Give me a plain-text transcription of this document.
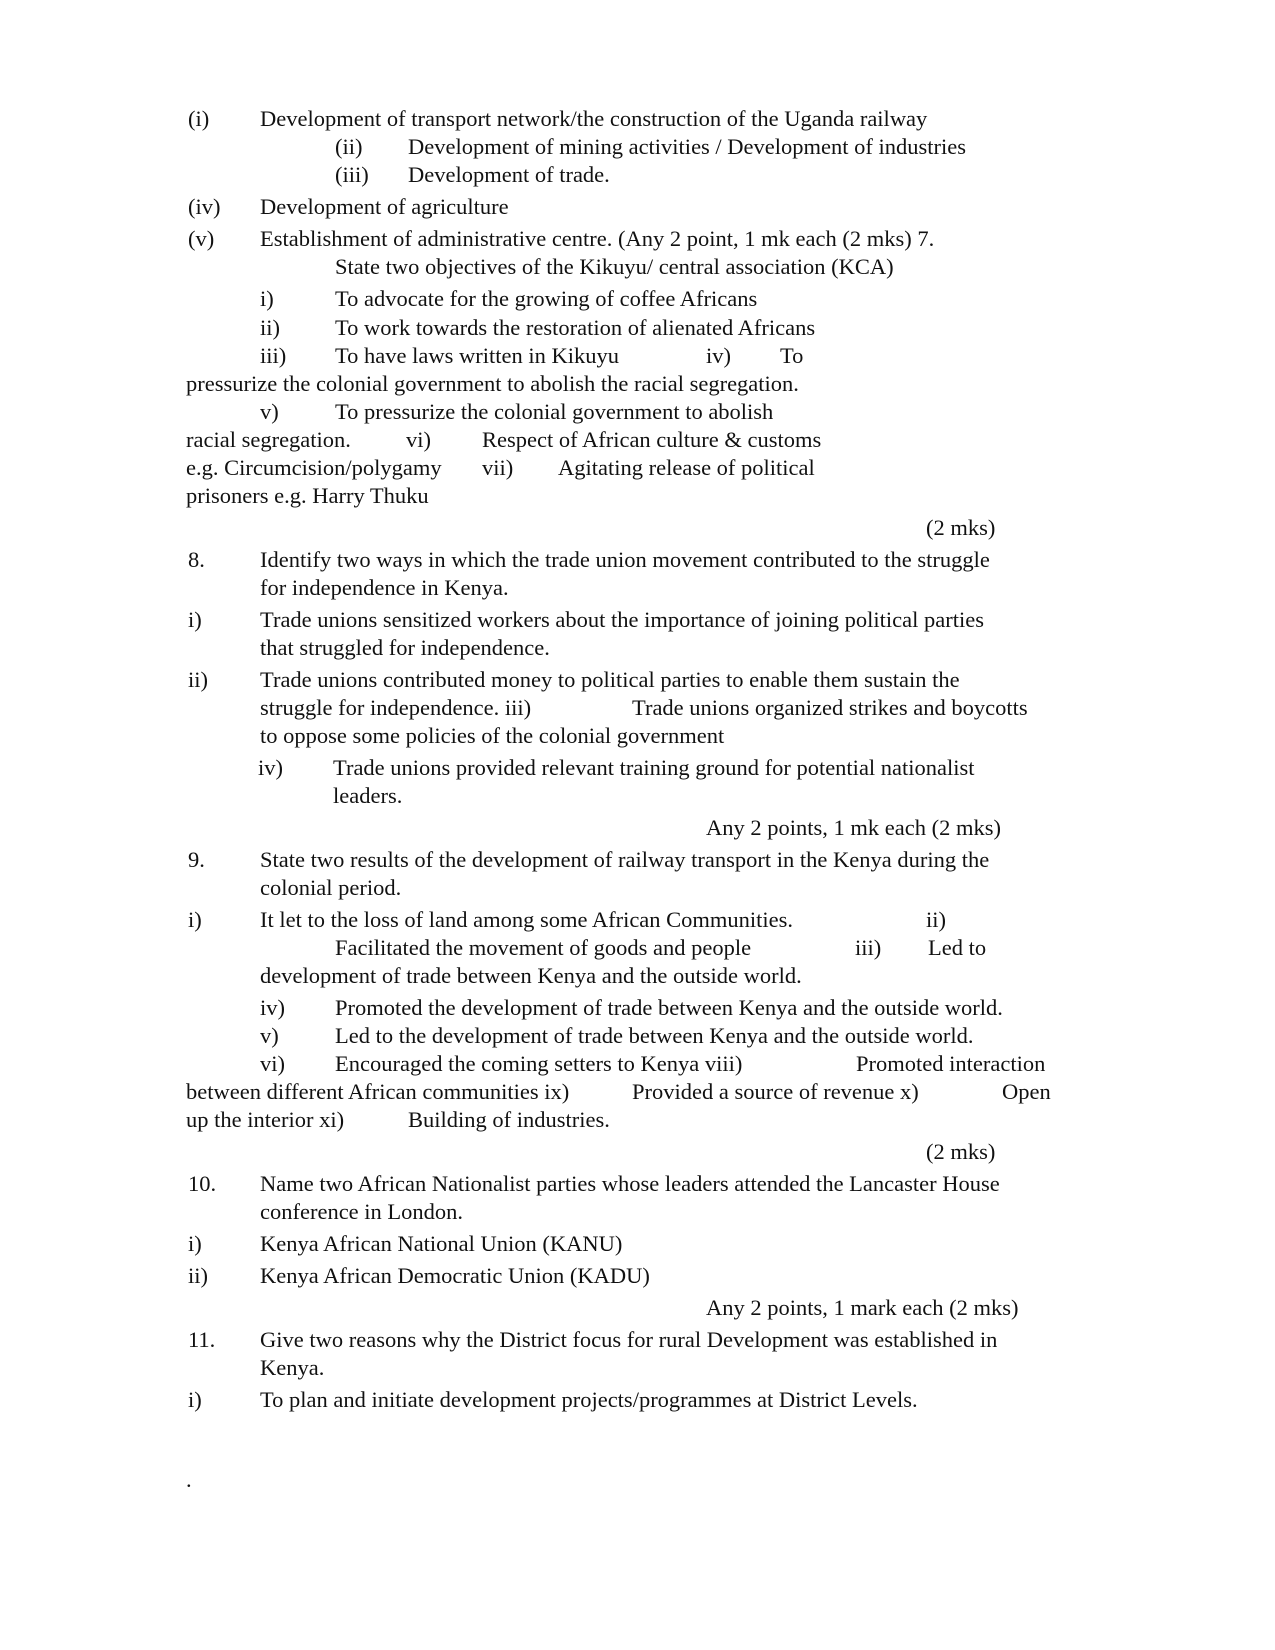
(i) Development of transport network/the construction of the Uganda railway
(ii) Development of mining activities / Development of industries
(iii) Development of trade.
(iv) Development of agriculture
(v) Establishment of administrative centre. (Any 2 point, 1 mk each (2 mks) 7.
State two objectives of the Kikuyu/ central association (KCA)
i)	To advocate for the growing of coffee Africans
ii) To work towards the restoration of alienated Africans
iii) To have laws written in Kikuyu	iv) To
pressurize the colonial government to abolish the racial segregation.
v)	To pressurize the colonial government to abolish
racial segregation. vi) Respect of African culture & customs
e.g. Circumcision/polygamy vii) Agitating release of political
prisoners e.g. Harry Thuku
(2 mks)
8. Identify two ways in which the trade union movement contributed to the struggle
for independence in Kenya.
i)	Trade unions sensitized workers about the importance of joining political parties
that struggled for independence.
ii) Trade unions contributed money to political parties to enable them sustain the
struggle for independence. iii)	Trade unions organized strikes and boycotts
to oppose some policies of the colonial government
iv) Trade unions provided relevant training ground for potential nationalist
leaders.
Any 2 points, 1 mk each (2 mks)
9. State two results of the development of railway transport in the Kenya during the
colonial period.
i)	It let to the loss of land among some African Communities.	ii)
Facilitated the movement of goods and people	iii) Led to
development of trade between Kenya and the outside world.
iv) Promoted the development of trade between Kenya and the outside world.
v)	Led to the development of trade between Kenya and the outside world.
vi) Encouraged the coming setters to Kenya viii)	Promoted interaction
between different African communities ix)	Provided a source of revenue x)	Open
up the interior xi)	Building of industries.
(2 mks)
10. Name two African Nationalist parties whose leaders attended the Lancaster House
conference in London.
i)	Kenya African National Union (KANU)
ii) Kenya African Democratic Union (KADU)
Any 2 points, 1 mark each (2 mks)
11. Give two reasons why the District focus for rural Development was established in
Kenya.
i)	To plan and initiate development projects/programmes at District Levels.
.
